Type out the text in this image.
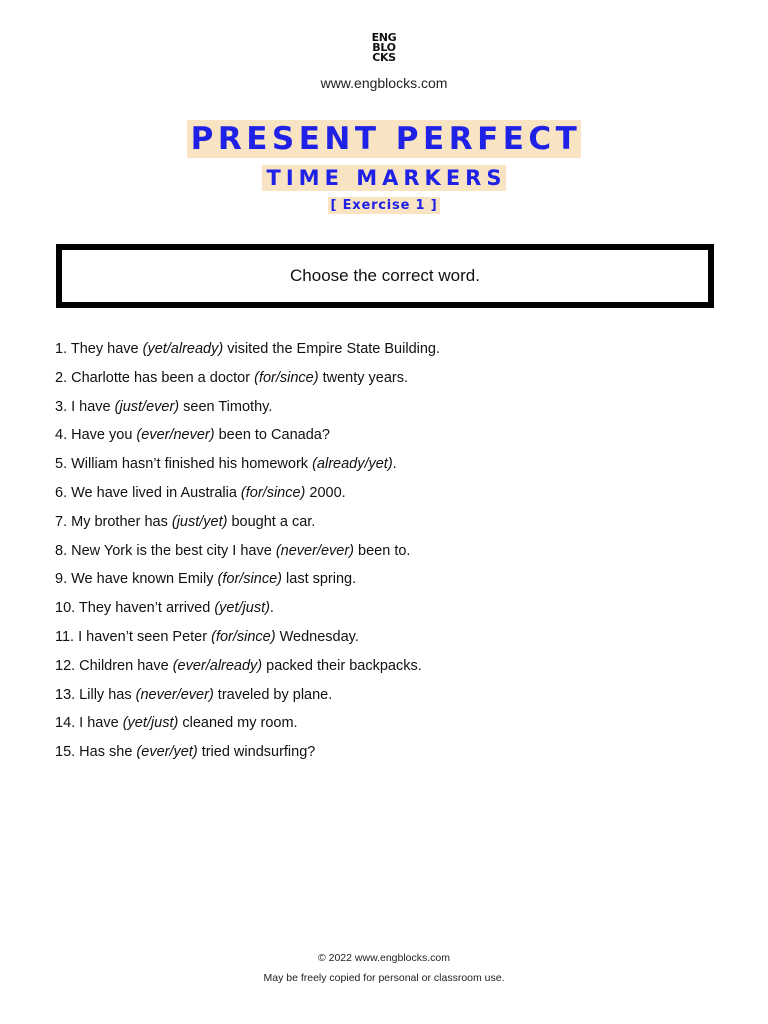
ENG
BLO
CKS
www.engblocks.com
PRESENT PERFECT
TIME MARKERS
[ Exercise 1 ]
Choose the correct word.
1. They have (yet/already) visited the Empire State Building.
2. Charlotte has been a doctor (for/since) twenty years.
3. I have (just/ever) seen Timothy.
4. Have you (ever/never) been to Canada?
5. William hasn’t finished his homework (already/yet).
6. We have lived in Australia (for/since) 2000.
7. My brother has (just/yet) bought a car.
8. New York is the best city I have (never/ever) been to.
9. We have known Emily (for/since) last spring.
10. They haven’t arrived (yet/just).
11. I haven’t seen Peter (for/since) Wednesday.
12. Children have (ever/already) packed their backpacks.
13. Lilly has (never/ever) traveled by plane.
14. I have (yet/just) cleaned my room.
15. Has she (ever/yet) tried windsurfing?
© 2022 www.engblocks.com
May be freely copied for personal or classroom use.
